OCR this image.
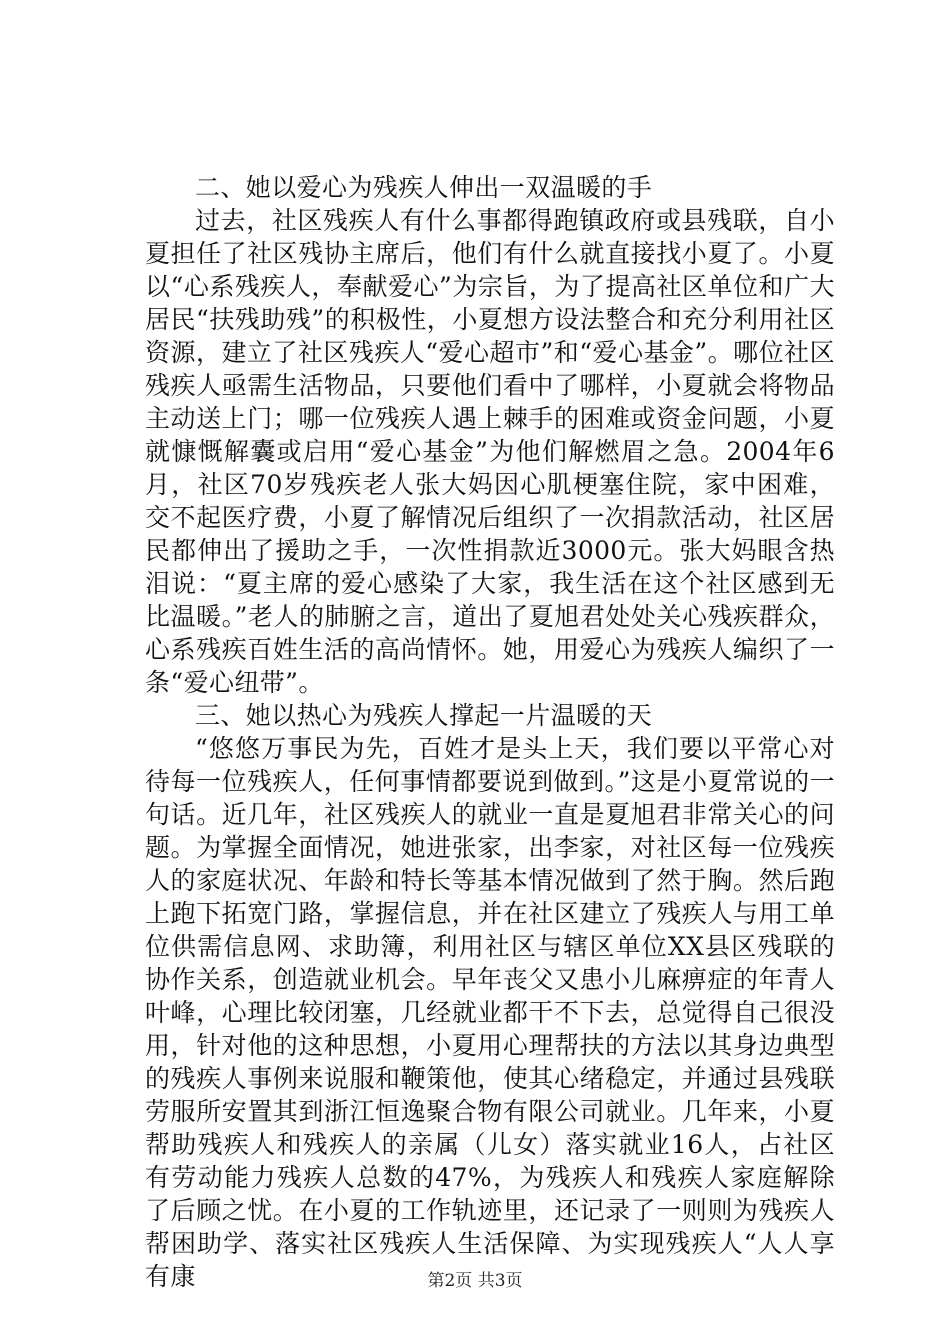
二、她以爱心为残疾人伸出一双温暖的手

过去，社区残疾人有什么事都得跑镇政府或县残联，自小夏担任了社区残协主席后，他们有什么就直接找小夏了。小夏以“心系残疾人，奉献爱心”为宗旨，为了提高社区单位和广大居民“扶残助残”的积极性，小夏想方设法整合和充分利用社区资源，建立了社区残疾人“爱心超市”和“爱心基金”。哪位社区残疾人亟需生活物品，只要他们看中了哪样，小夏就会将物品主动送上门；哪一位残疾人遇上棘手的困难或资金问题，小夏就慷慨解囊或启用“爱心基金”为他们解燃眉之急。2004年6月，社区70岁残疾老人张大妈因心肌梗塞住院，家中困难，交不起医疗费，小夏了解情况后组织了一次捐款活动，社区居民都伸出了援助之手，一次性捐款近3000元。张大妈眼含热泪说：“夏主席的爱心感染了大家，我生活在这个社区感到无比温暖。”老人的肺腑之言，道出了夏旭君处处关心残疾群众，心系残疾百姓生活的高尚情怀。她，用爱心为残疾人编织了一条“爱心纽带”。

三、她以热心为残疾人撑起一片温暖的天

“悠悠万事民为先，百姓才是头上天，我们要以平常心对待每一位残疾人，任何事情都要说到做到。”这是小夏常说的一句话。近几年，社区残疾人的就业一直是夏旭君非常关心的问题。为掌握全面情况，她进张家，出李家，对社区每一位残疾人的家庭状况、年龄和特长等基本情况做到了然于胸。然后跑上跑下拓宽门路，掌握信息，并在社区建立了残疾人与用工单位供需信息网、求助簿，利用社区与辖区单位XX县区残联的协作关系，创造就业机会。早年丧父又患小儿麻痹症的年青人叶峰，心理比较闭塞，几经就业都干不下去，总觉得自己很没用，针对他的这种思想，小夏用心理帮扶的方法以其身边典型的残疾人事例来说服和鞭策他，使其心绪稳定，并通过县残联劳服所安置其到浙江恒逸聚合物有限公司就业。几年来，小夏帮助残疾人和残疾人的亲属（儿女）落实就业16人，占社区有劳动能力残疾人总数的47%，为残疾人和残疾人家庭解除了后顾之忧。在小夏的工作轨迹里，还记录了一则则为残疾人帮困助学、落实社区残疾人生活保障、为实现残疾人“人人享有康	第2页 共3页
